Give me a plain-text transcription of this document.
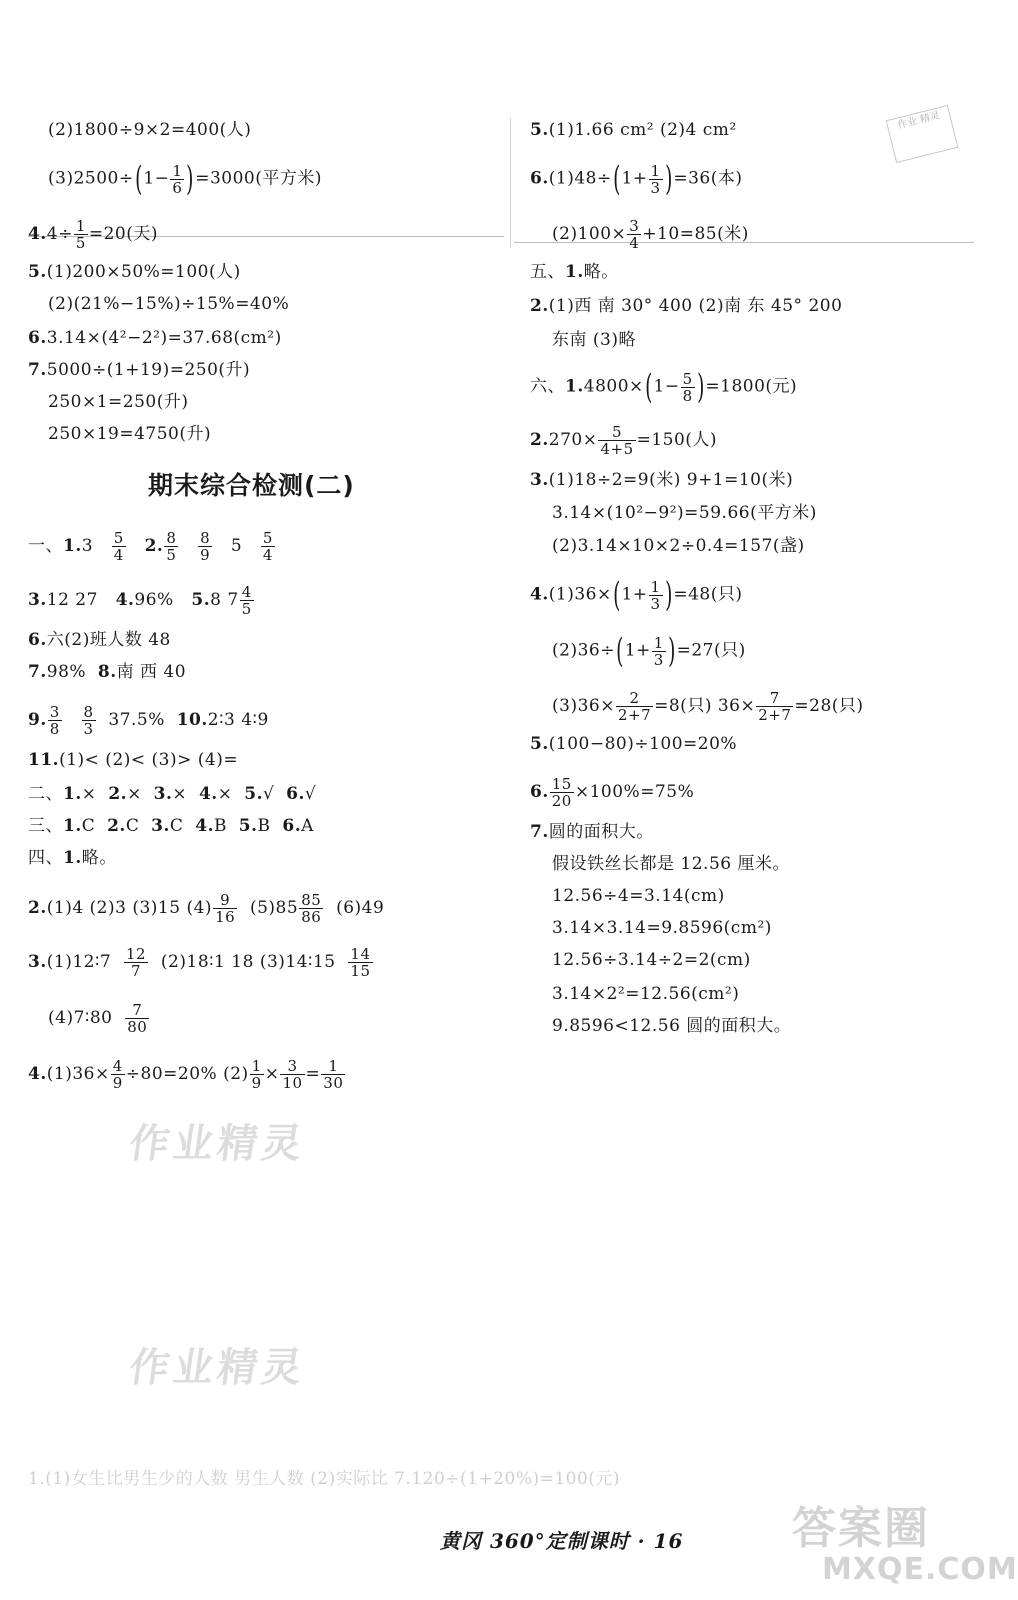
(2)1800÷9×2=400(人)
$(3)2500\div(1- \frac{1}{6} )=3000$(平方米)
$4.4\div \frac{1}{5} =20$(天)
5.(1)200×50%=100(人)
(2)(21%−15%)÷15%=40%
6.3.14×(4²−2²)=37.68(cm²)
7.5000÷(1+19)=250(升)
250×1=250(升)
250×19=4750(升)
期末综合检测(二)
一、$1.3 \frac{5}{4} 2$. $\frac{8}{5}$
$\frac{8}{9} 5 \frac{5}{4}$
3.12 27 4.96% 5.8 $7 \frac{4}{5}$
6.六(2)班人数 48
7.98% 8.南 西 40
9. $\frac{3}{8}$
$\frac{8}{3} 37.5\%$ 10.2∶3 4∶9
11.(1)< (2)< (3)> (4)=
二、1.× 2.× 3.× 4.× 5.√ 6.√
三、1.C 2.C 3.C 4.B 5.B 6.A
四、1.略。
2.(1)4 (2)3 (3)15 $(4) \frac{9}{16} (5)85 \frac{85}{86} (6)49$
3.(1)12∶7 $\frac{12}{7}$ (2)18∶1 18 (3)14∶15 $\frac{14}{15}$
(4)7∶80 $\frac{7}{80}$
$4.(1)36\times \frac{4}{9} \div 80=20\%$ $(2) \frac{1}{9} \times \frac{3}{10} = \frac{1}{30}$
5.(1)1.66 cm² (2)4 cm²
$6.(1)48\div(1+ \frac{1}{3} )=36$(本)
$(2)100\times \frac{3}{4} +10=85$(米)
五、1.略。
2.(1)西 南 30° 400 (2)南 东 45° 200
东南 (3)略
六、$1.4800\times(1- \frac{5}{8} )=1800$(元)
$2.270\times \frac{5}{4+5} =150$(人)
3.(1)18÷2=9(米) 9+1=10(米)
3.14×(10²−9²)=59.66(平方米)
(2)3.14×10×2÷0.4=157(盏)
$4.(1)36\times(1+ \frac{1}{3} )=48$(只)
$(2)36\div(1+ \frac{1}{3} )=27$(只)
$(3)36\times \frac{2}{2+7} =8$(只) $36\times \frac{7}{2+7} =28$(只)
5.(100−80)÷100=20%
6. $\frac{15}{20} \times 100\%=75\%$
7.圆的面积大。
假设铁丝长都是 12.56 厘米。
12.56÷4=3.14(cm)
3.14×3.14=9.8596(cm²)
12.56÷3.14÷2=2(cm)
3.14×2²=12.56(cm²)
9.8596<12.56 圆的面积大。
作业精灵
作业精灵
1.(1)女生比男生少的人数 男生人数 (2)实际比 7.120÷(1+20%)=100(元)
作业 精灵
黄冈 360°定制课时 · 16 答案圈
MXQE.COM
